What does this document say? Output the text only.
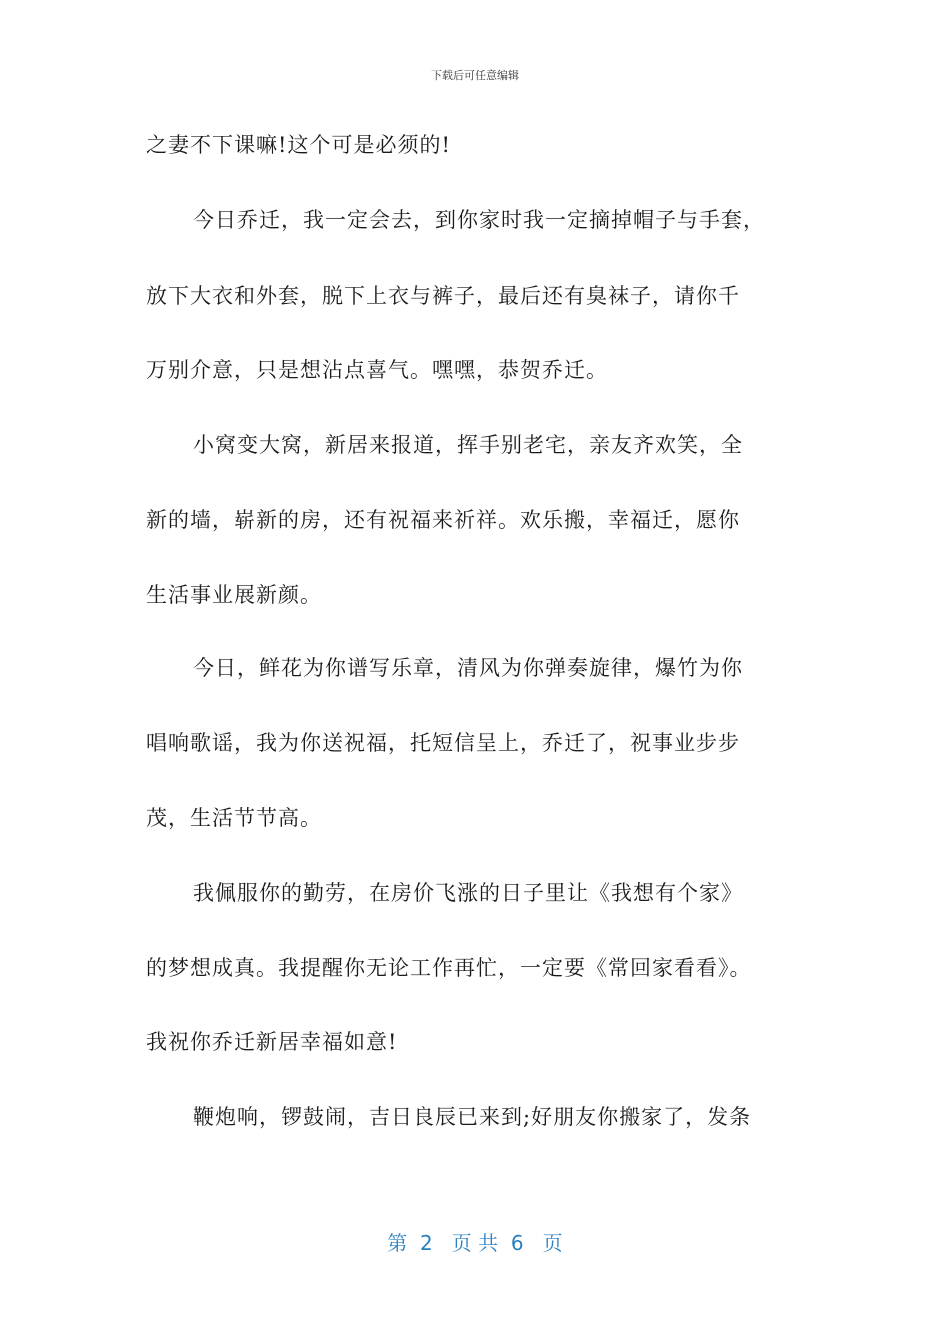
下载后可任意编辑
之妻不下课嘛!这个可是必须的!
今日乔迁，我一定会去，到你家时我一定摘掉帽子与手套，
放下大衣和外套，脱下上衣与裤子，最后还有臭袜子，请你千
万别介意，只是想沾点喜气。嘿嘿，恭贺乔迁。
小窝变大窝，新居来报道，挥手别老宅，亲友齐欢笑，全
新的墙，崭新的房，还有祝福来祈祥。欢乐搬，幸福迁，愿你
生活事业展新颜。
今日，鲜花为你谱写乐章，清风为你弹奏旋律，爆竹为你
唱响歌谣，我为你送祝福，托短信呈上，乔迁了，祝事业步步
茂，生活节节高。
我佩服你的勤劳，在房价飞涨的日子里让《我想有个家》
的梦想成真。我提醒你无论工作再忙，一定要《常回家看看》。
我祝你乔迁新居幸福如意!
鞭炮响，锣鼓闹，吉日良辰已来到;好朋友你搬家了，发条
第  2   页 共  6   页
